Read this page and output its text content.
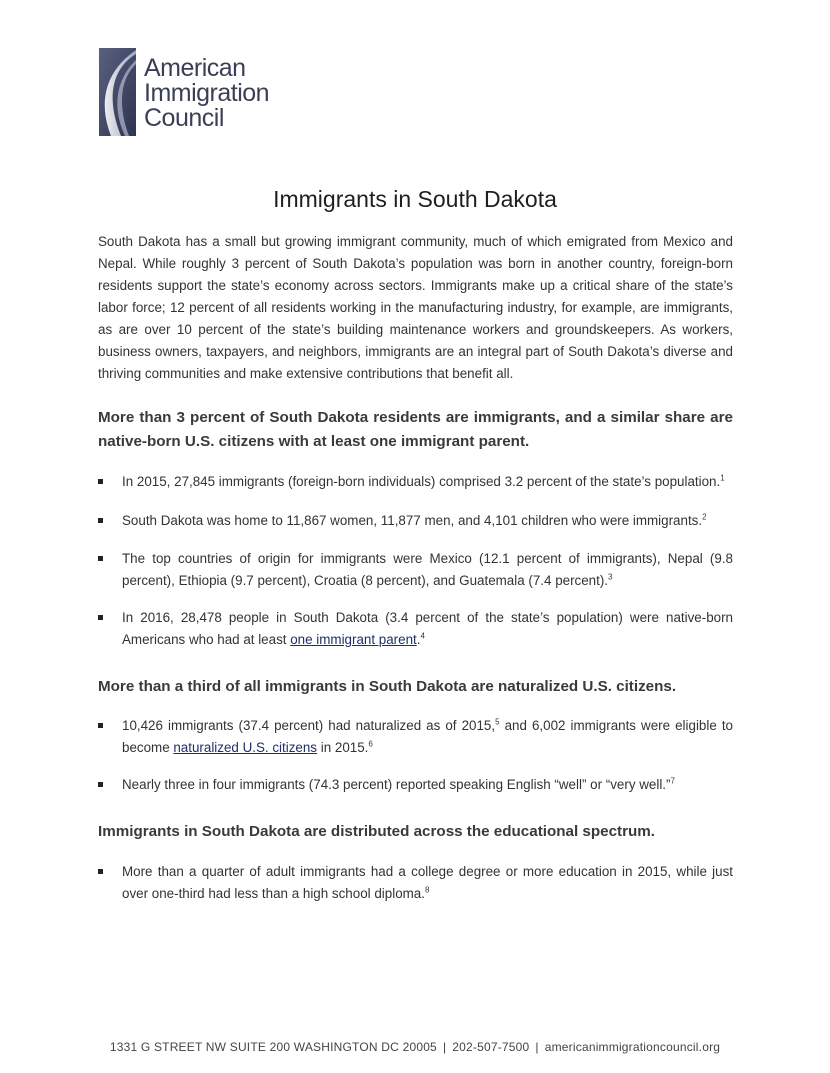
American
Immigration
Council
Immigrants in South Dakota

South Dakota has a small but growing immigrant community, much of which emigrated from Mexico and Nepal. While roughly 3 percent of South Dakota’s population was born in another country, foreign-born residents support the state’s economy across sectors. Immigrants make up a critical share of the state’s labor force; 12 percent of all residents working in the manufacturing industry, for example, are immigrants, as are over 10 percent of the state’s building maintenance workers and groundskeepers. As workers, business owners, taxpayers, and neighbors, immigrants are an integral part of South Dakota’s diverse and thriving communities and make extensive contributions that benefit all.

More than 3 percent of South Dakota residents are immigrants, and a similar share are native-born U.S. citizens with at least one immigrant parent.

In 2015, 27,845 immigrants (foreign-born individuals) comprised 3.2 percent of the state’s population.$^1$
South Dakota was home to 11,867 women, 11,877 men, and 4,101 children who were immigrants.$^2$
The top countries of origin for immigrants were Mexico (12.1 percent of immigrants), Nepal (9.8 percent), Ethiopia (9.7 percent), Croatia (8 percent), and Guatemala (7.4 percent).$^3$
In 2016, 28,478 people in South Dakota (3.4 percent of the state’s population) were native-born Americans who had at least one immigrant parent.$^4$

More than a third of all immigrants in South Dakota are naturalized U.S. citizens.

10,426 immigrants (37.4 percent) had naturalized as of 2015,$^5$ and 6,002 immigrants were eligible to become naturalized U.S. citizens in 2015.$^6$
Nearly three in four immigrants (74.3 percent) reported speaking English “well” or “very well.”$^7$

Immigrants in South Dakota are distributed across the educational spectrum.

More than a quarter of adult immigrants had a college degree or more education in 2015, while just over one-third had less than a high school diploma.$^8$
1331 G STREET NW SUITE 200 WASHINGTON DC 20005 | 202-507-7500 | americanimmigrationcouncil.org
